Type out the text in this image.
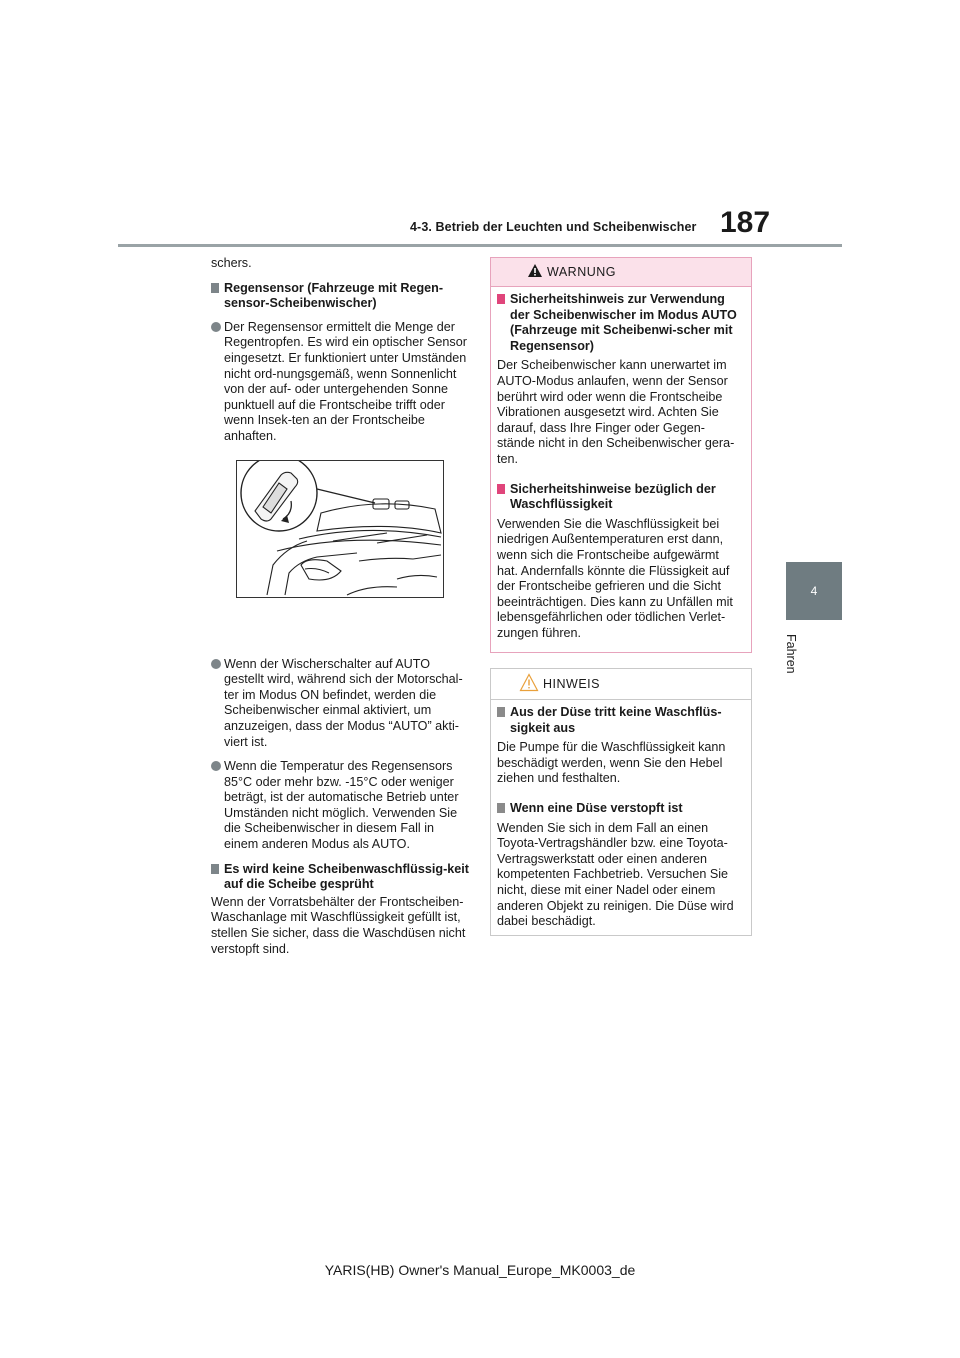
4-3. Betrieb der Leuchten und Scheibenwischer 187
4
Fahren

schers.

Regensensor (Fahrzeuge mit Regen-sensor-Scheibenwischer)

Der Regensensor ermittelt die Menge der Regentropfen. Es wird ein optischer Sensor eingesetzt. Er funktioniert unter Umständen nicht ord-nungsgemäß, wenn Sonnenlicht von der auf- oder untergehenden Sonne punktuell auf die Frontscheibe trifft oder wenn Insek-ten an der Frontscheibe anhaften.

Wenn der Wischerschalter auf AUTO gestellt wird, während sich der Motorschal-ter im Modus ON befindet, werden die Scheibenwischer einmal aktiviert, um anzuzeigen, dass der Modus “AUTO” akti-viert ist.

Wenn die Temperatur des Regensensors 85°C oder mehr bzw. -15°C oder weniger beträgt, ist der automatische Betrieb unter Umständen nicht möglich. Verwenden Sie die Scheibenwischer in diesem Fall in einem anderen Modus als AUTO.

Es wird keine Scheibenwaschflüssig-keit auf die Scheibe gesprüht

Wenn der Vorratsbehälter der Frontscheiben-Waschanlage mit Waschflüssigkeit gefüllt ist, stellen Sie sicher, dass die Waschdüsen nicht verstopft sind.

WARNUNG

Sicherheitshinweis zur Verwendung der Scheibenwischer im Modus AUTO (Fahrzeuge mit Scheibenwi-scher mit Regensensor)

Der Scheibenwischer kann unerwartet im AUTO-Modus anlaufen, wenn der Sensor berührt wird oder wenn die Frontscheibe Vibrationen ausgesetzt wird. Achten Sie darauf, dass Ihre Finger oder Gegen-stände nicht in den Scheibenwischer gera-ten.

Sicherheitshinweise bezüglich der Waschflüssigkeit

Verwenden Sie die Waschflüssigkeit bei niedrigen Außentemperaturen erst dann, wenn sich die Frontscheibe aufgewärmt hat. Andernfalls könnte die Flüssigkeit auf der Frontscheibe gefrieren und die Sicht beeinträchtigen. Dies kann zu Unfällen mit lebensgefährlichen oder tödlichen Verlet-zungen führen.

HINWEIS

Aus der Düse tritt keine Waschflüs-sigkeit aus

Die Pumpe für die Waschflüssigkeit kann beschädigt werden, wenn Sie den Hebel ziehen und festhalten.

Wenn eine Düse verstopft ist

Wenden Sie sich in dem Fall an einen Toyota-Vertragshändler bzw. eine Toyota-Vertragswerkstatt oder einen anderen kompetenten Fachbetrieb. Versuchen Sie nicht, diese mit einer Nadel oder einem anderen Objekt zu reinigen. Die Düse wird dabei beschädigt.

YARIS(HB) Owner's Manual_Europe_MK0003_de
